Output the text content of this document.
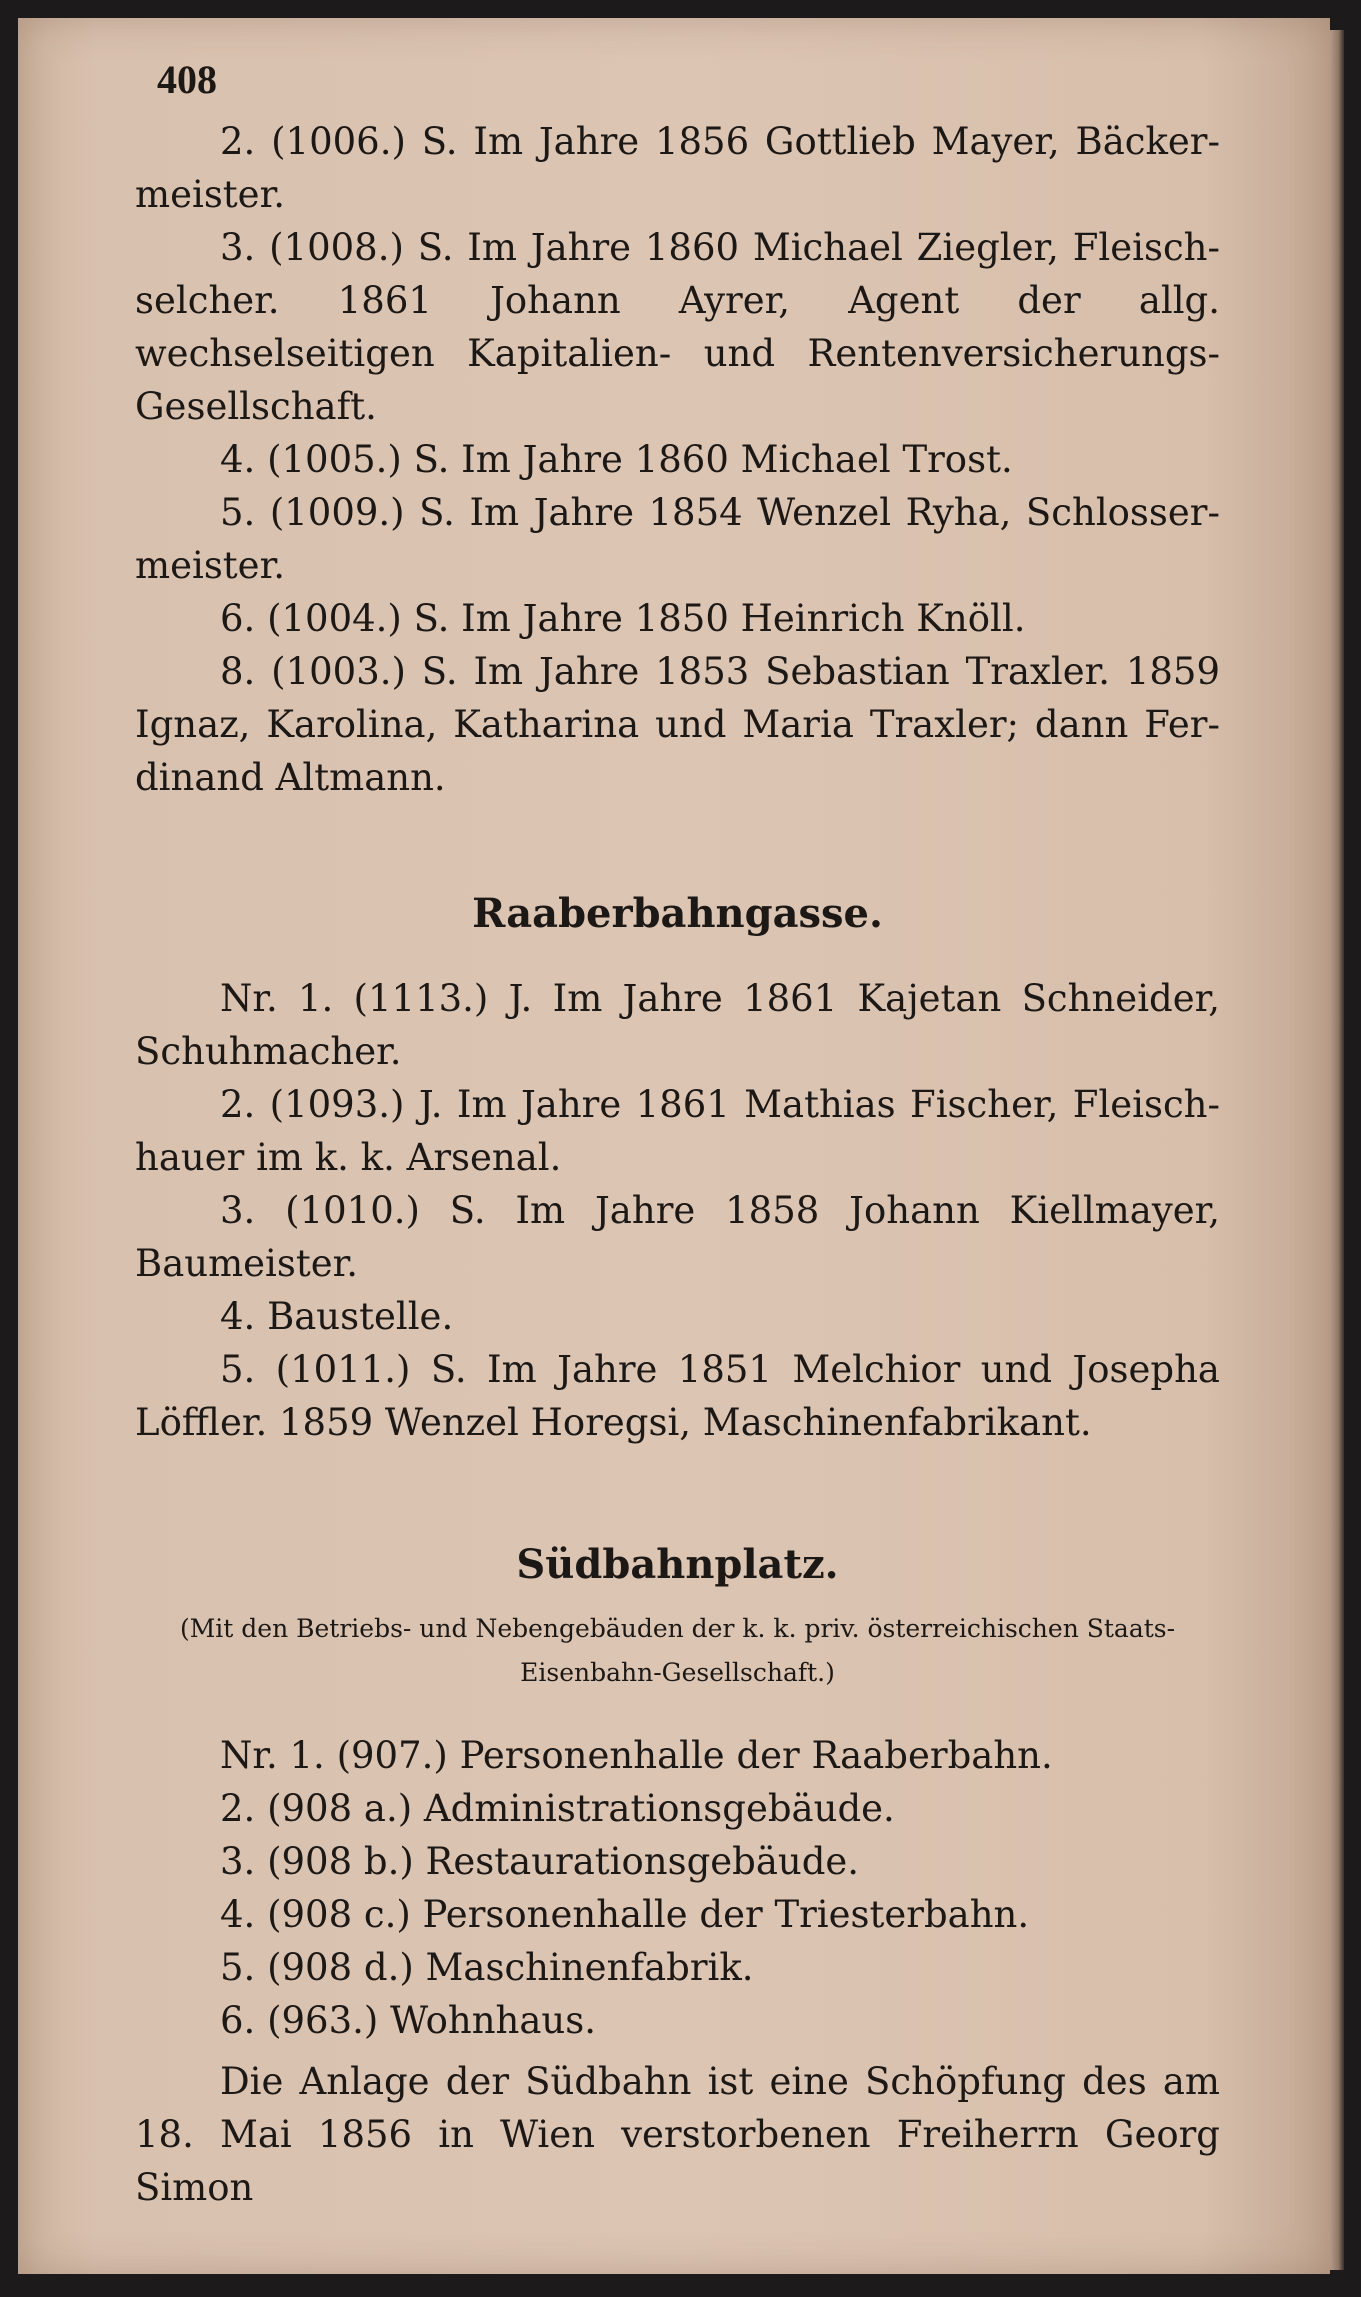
408

2. (1006.) S. Im Jahre 1856 Gottlieb Mayer, Bäcker-meister.

3. (1008.) S. Im Jahre 1860 Michael Ziegler, Fleisch-selcher. 1861 Johann Ayrer, Agent der allg. wechselseitigen Kapitalien- und Rentenversicherungs-Gesellschaft.

4. (1005.) S. Im Jahre 1860 Michael Trost.

5. (1009.) S. Im Jahre 1854 Wenzel Ryha, Schlosser-meister.

6. (1004.) S. Im Jahre 1850 Heinrich Knöll.

8. (1003.) S. Im Jahre 1853 Sebastian Traxler. 1859 Ignaz, Karolina, Katharina und Maria Traxler; dann Fer-dinand Altmann.

Raaberbahngasse.

Nr. 1. (1113.) J. Im Jahre 1861 Kajetan Schneider, Schuhmacher.

2. (1093.) J. Im Jahre 1861 Mathias Fischer, Fleisch-hauer im k. k. Arsenal.

3. (1010.) S. Im Jahre 1858 Johann Kiellmayer, Baumeister.

4. Baustelle.

5. (1011.) S. Im Jahre 1851 Melchior und Josepha Löffler. 1859 Wenzel Horegsi, Maschinenfabrikant.

Südbahnplatz.
(Mit den Betriebs- und Nebengebäuden der k. k. priv. österreichischen Staats-Eisenbahn-Gesellschaft.)
Nr. 1. (907.) Personenhalle der Raaberbahn.
2. (908 a.) Administrationsgebäude.
3. (908 b.) Restaurationsgebäude.
4. (908 c.) Personenhalle der Triesterbahn.
5. (908 d.) Maschinenfabrik.
6. (963.) Wohnhaus.

Die Anlage der Südbahn ist eine Schöpfung des am 18. Mai 1856 in Wien verstorbenen Freiherrn Georg Simon
